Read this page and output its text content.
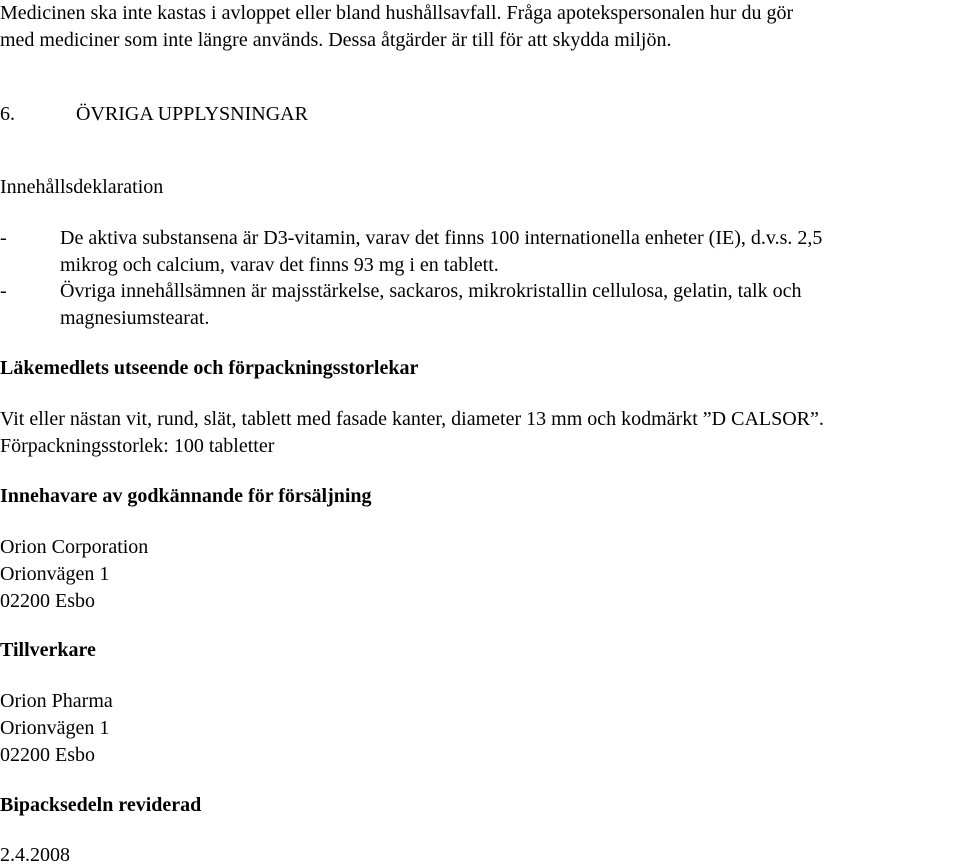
Medicinen ska inte kastas i avloppet eller bland hushållsavfall. Fråga apotekspersonalen hur du gör
med mediciner som inte längre används. Dessa åtgärder är till för att skydda miljön.
6.	ÖVRIGA UPPLYSNINGAR
Innehållsdeklaration
-	De aktiva substansena är D3-vitamin, varav det finns 100 internationella enheter (IE), d.v.s. 2,5
mikrog och calcium, varav det finns 93 mg i en tablett.
-	Övriga innehållsämnen är majsstärkelse, sackaros, mikrokristallin cellulosa, gelatin, talk och
magnesiumstearat.
Läkemedlets utseende och förpackningsstorlekar
Vit eller nästan vit, rund, slät, tablett med fasade kanter, diameter 13 mm och kodmärkt ”D CALSOR”.
Förpackningsstorlek: 100 tabletter
Innehavare av godkännande för försäljning
Orion Corporation
Orionvägen 1
02200 Esbo
Tillverkare
Orion Pharma
Orionvägen 1
02200 Esbo
Bipacksedeln reviderad
2.4.2008
